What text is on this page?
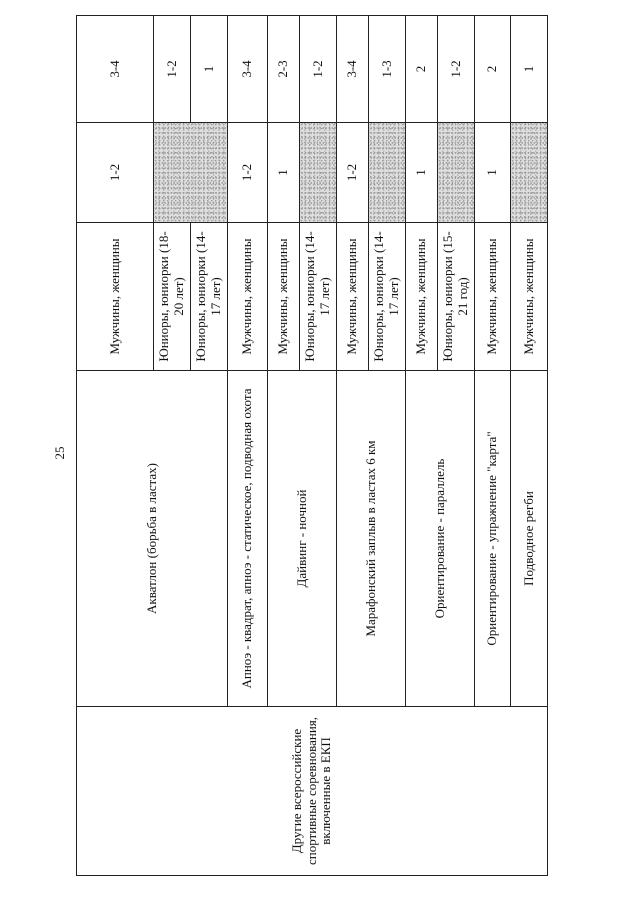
25
Другие всероссийские спортивные соревнования, включенные в ЕКП	Акватлон (борьба в ластах)	Мужчины, женщины	1-2	3-4
		Юниоры, юниорки (18-20 лет)		1-2
		Юниоры, юниорки (14-17 лет)		1
	Апноэ - квадрат, апноэ - статическое, подводная охота	Мужчины, женщины	1-2	3-4
	Дайвинг - ночной	Мужчины, женщины	1	2-3
		Юниоры, юниорки (14-17 лет)		1-2
	Марафонский заплыв в ластах 6 км	Мужчины, женщины	1-2	3-4
		Юниоры, юниорки (14-17 лет)		1-3
	Ориентирование - параллель	Мужчины, женщины	1	2
		Юниоры, юниорки (15-21 год)		1-2
	Ориентирование - упражнение "карта"	Мужчины, женщины	1	2
	Подводное регби	Мужчины, женщины		1
